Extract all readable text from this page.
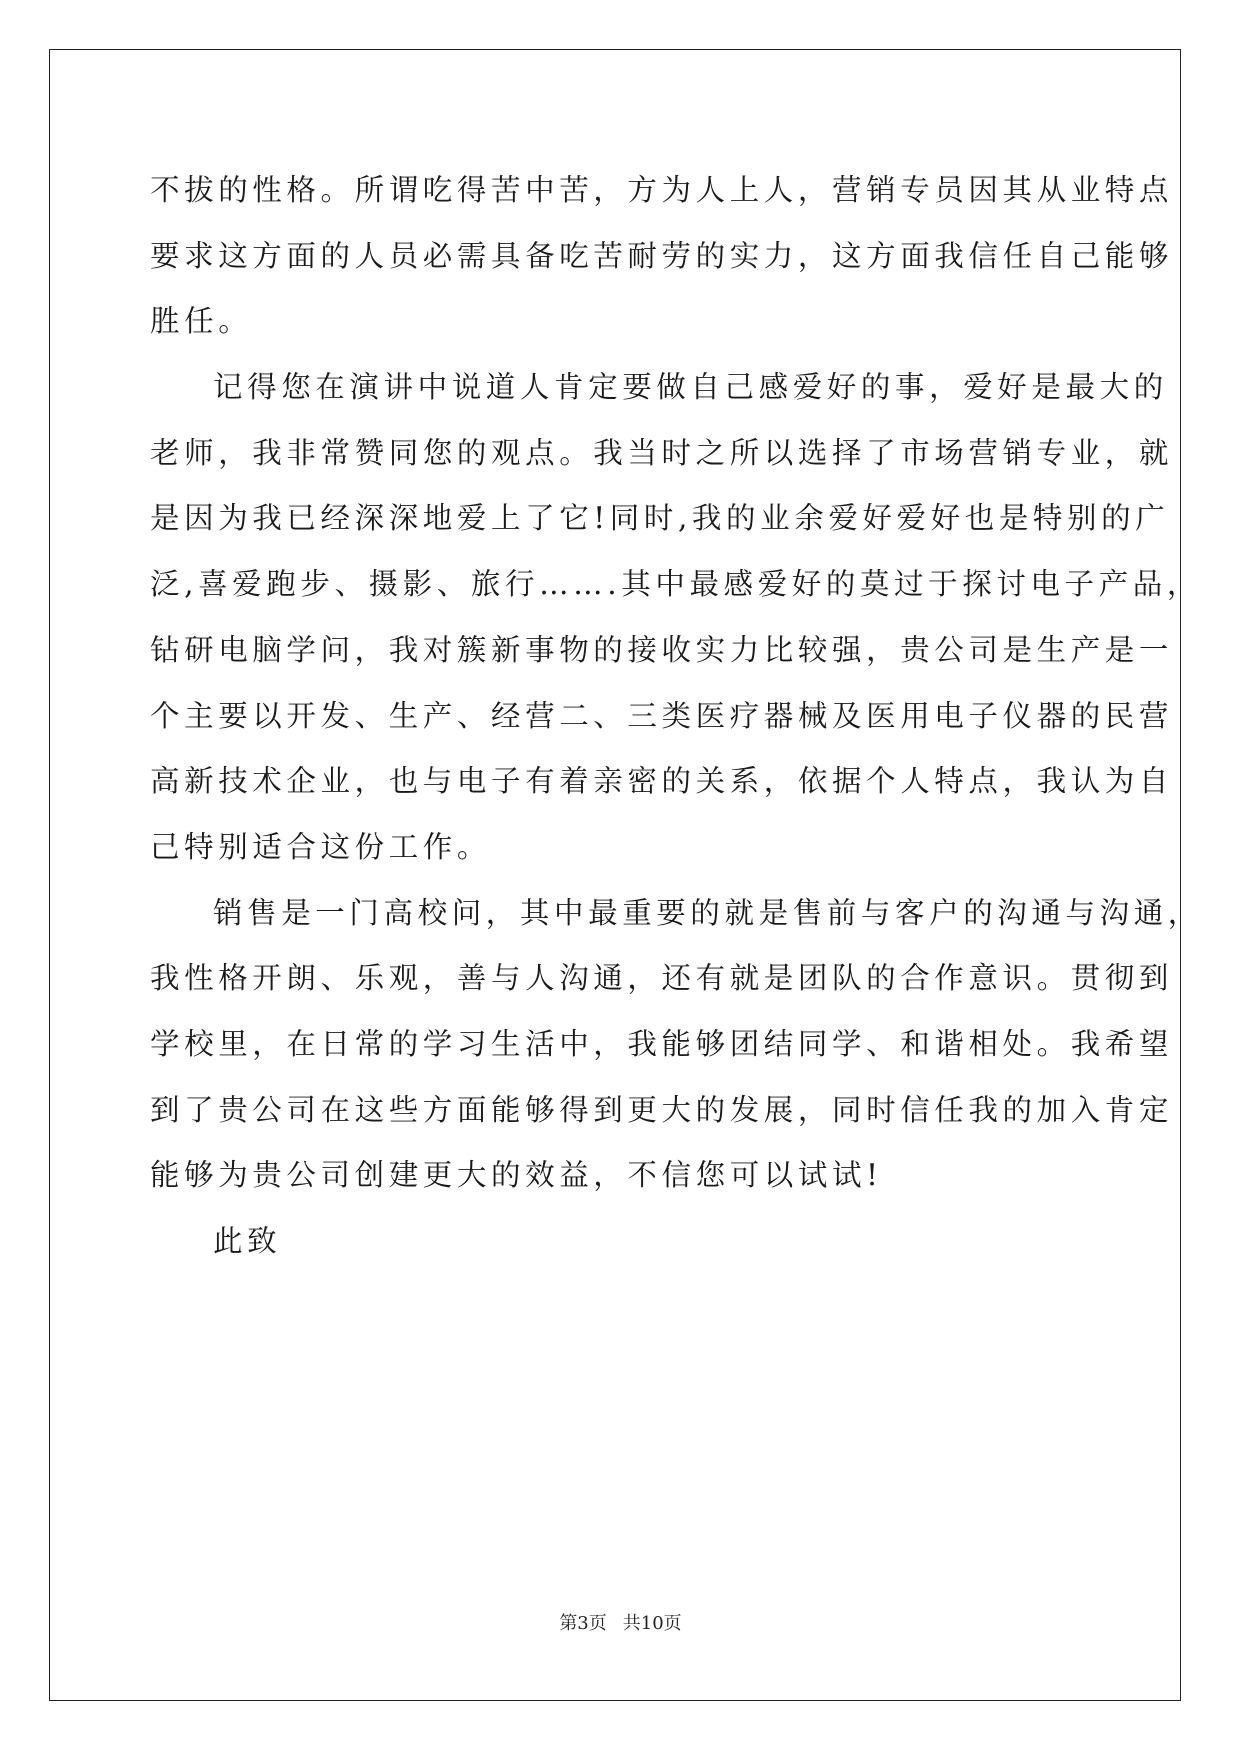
不拔的性格。所谓吃得苦中苦，方为人上人，营销专员因其从业特点
要求这方面的人员必需具备吃苦耐劳的实力，这方面我信任自己能够
胜任。
记得您在演讲中说道人肯定要做自己感爱好的事，爱好是最大的
老师，我非常赞同您的观点。我当时之所以选择了市场营销专业，就
是因为我已经深深地爱上了它!同时,我的业余爱好爱好也是特别的广
泛,喜爱跑步、摄影、旅行…….其中最感爱好的莫过于探讨电子产品，
钻研电脑学问，我对簇新事物的接收实力比较强，贵公司是生产是一
个主要以开发、生产、经营二、三类医疗器械及医用电子仪器的民营
高新技术企业，也与电子有着亲密的关系，依据个人特点，我认为自
己特别适合这份工作。
销售是一门高校问，其中最重要的就是售前与客户的沟通与沟通，
我性格开朗、乐观，善与人沟通，还有就是团队的合作意识。贯彻到
学校里，在日常的学习生活中，我能够团结同学、和谐相处。我希望
到了贵公司在这些方面能够得到更大的发展，同时信任我的加入肯定
能够为贵公司创建更大的效益，不信您可以试试!
此致
第3页 共10页
